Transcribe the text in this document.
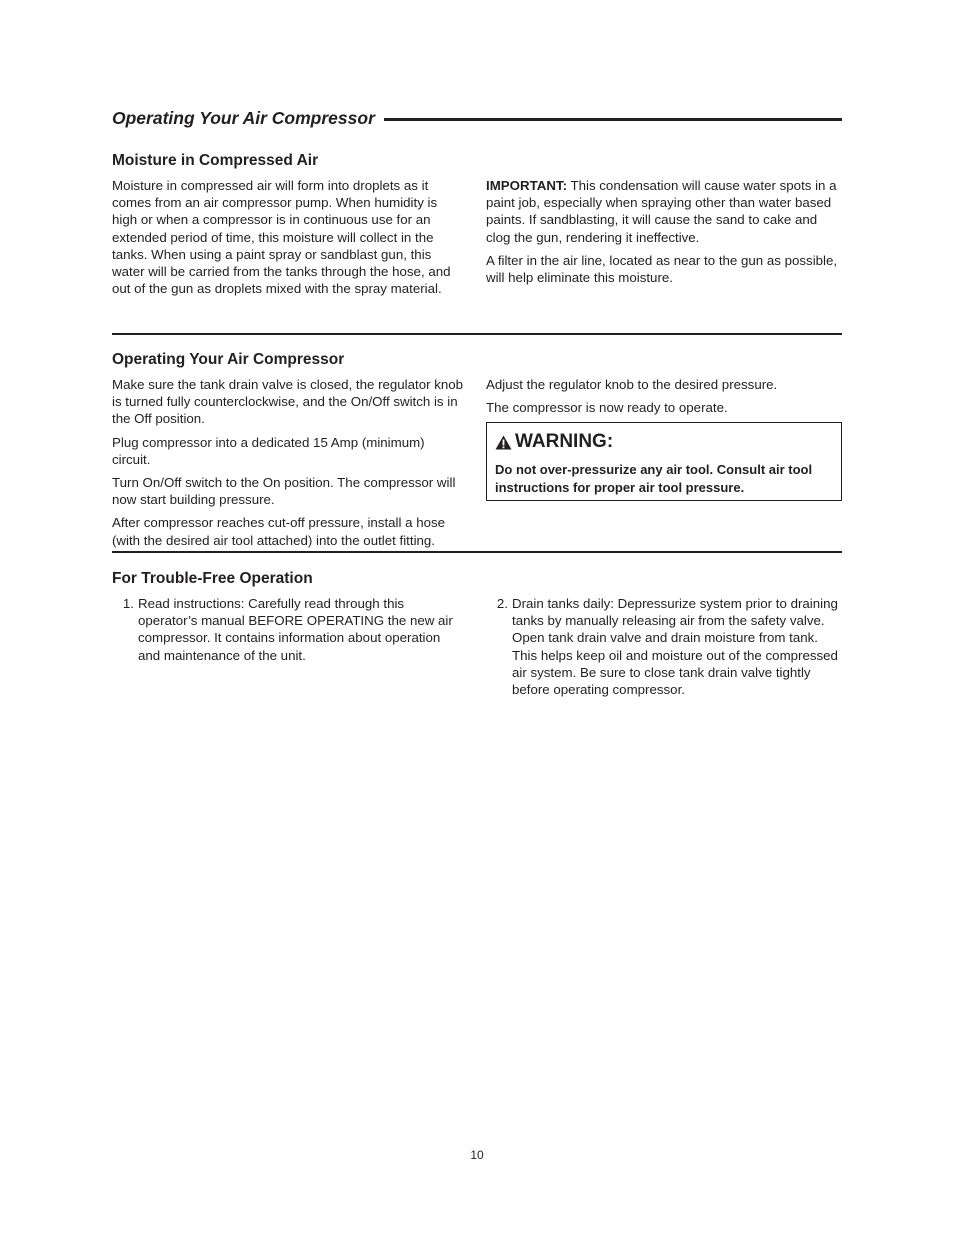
Operating Your Air Compressor
Moisture in Compressed Air

Moisture in compressed air will form into droplets as it comes from an air compressor pump. When humidity is high or when a compressor is in continuous use for an extended period of time, this moisture will collect in the tanks. When using a paint spray or sandblast gun, this water will be carried from the tanks through the hose, and out of the gun as droplets mixed with the spray material.

IMPORTANT: This condensation will cause water spots in a paint job, especially when spraying other than water based paints. If sandblasting, it will cause the sand to cake and clog the gun, rendering it ineffective.

A filter in the air line, located as near to the gun as possible, will help eliminate this moisture.

Operating Your Air Compressor

Make sure the tank drain valve is closed, the regulator knob is turned fully counterclockwise, and the On/Off switch is in the Off position.

Plug compressor into a dedicated 15 Amp (minimum) circuit.

Turn On/Off switch to the On position. The compressor will now start building pressure.

After compressor reaches cut-off pressure, install a hose (with the desired air tool attached) into the outlet fitting.

Adjust the regulator knob to the desired pressure.

The compressor is now ready to operate.

WARNING:
Do not over-pressurize any air tool. Consult air tool instructions for proper air tool pressure.
For Trouble-Free Operation
1. Read instructions: Carefully read through this operator’s manual BEFORE OPERATING the new air compressor. It contains information about operation and maintenance of the unit.
2. Drain tanks daily: Depressurize system prior to draining tanks by manually releasing air from the safety valve. Open tank drain valve and drain moisture from tank. This helps keep oil and moisture out of the compressed air system. Be sure to close tank drain valve tightly before operating compressor.
10
